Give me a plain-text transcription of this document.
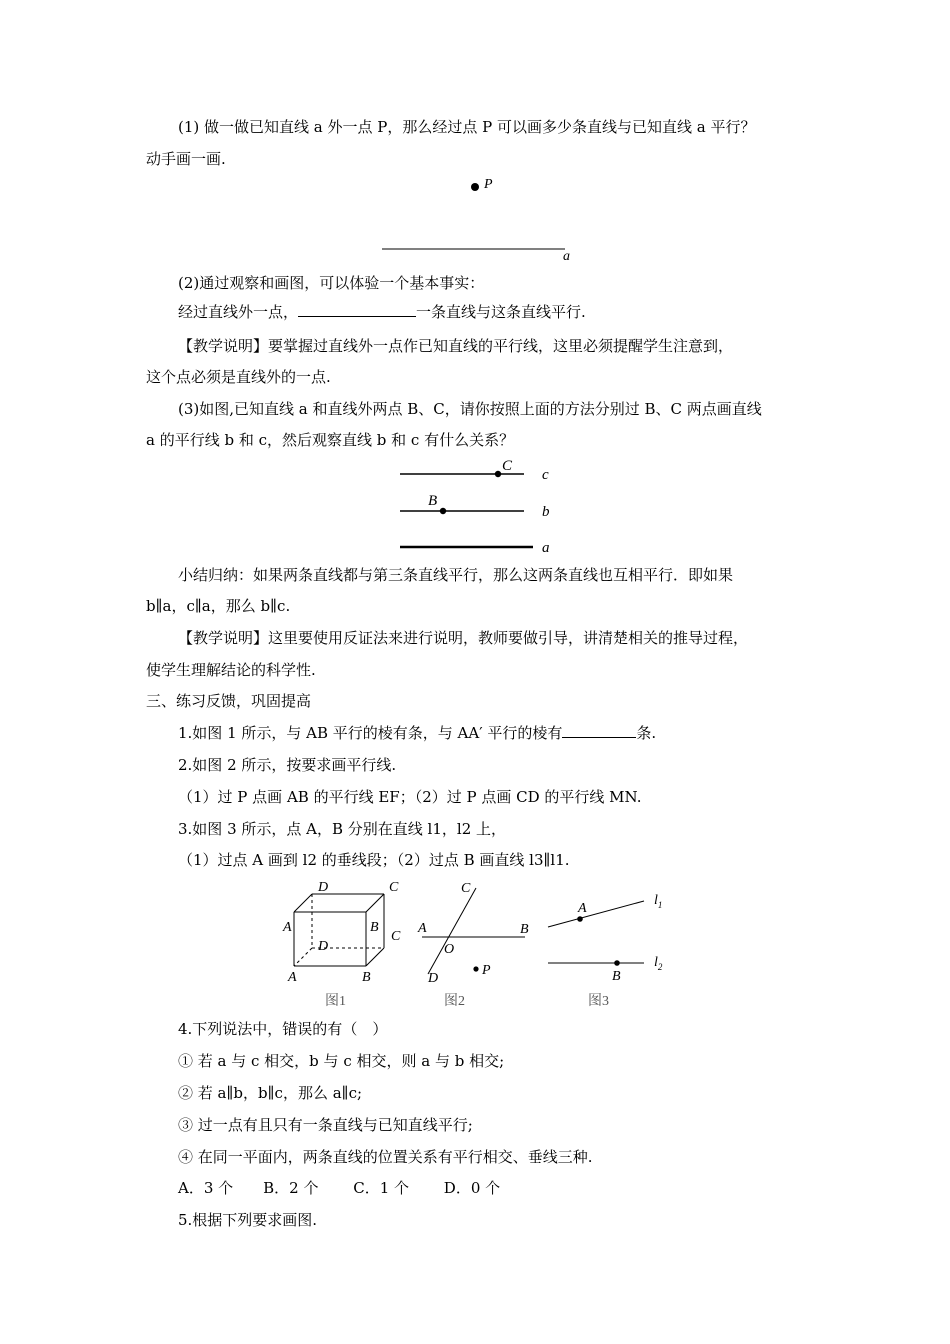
(1) 做一做已知直线 a 外一点 P，那么经过点 P 可以画多少条直线与已知直线 a 平行？
动手画一画.
P
a
(2)通过观察和画图，可以体验一个基本事实：
经过直线外一点，	一条直线与这条直线平行.
【教学说明】要掌握过直线外一点作已知直线的平行线，这里必须提醒学生注意到，
这个点必须是直线外的一点.
(3)如图,已知直线 a 和直线外两点 B、C，请你按照上面的方法分别过 B、C 两点画直线
a 的平行线 b 和 c，然后观察直线 b 和 c 有什么关系？
C
c
B
b
a
小结归纳：如果两条直线都与第三条直线平行，那么这两条直线也互相平行．即如果
b∥a，c∥a，那么 b∥c.
【教学说明】这里要使用反证法来进行说明，教师要做引导，讲清楚相关的推导过程，
使学生理解结论的科学性.
三、练习反馈，巩固提高
1.如图 1 所示，与 AB 平行的棱有条，与 AA′ 平行的棱有	条.
2.如图 2 所示，按要求画平行线.
（1）过 P 点画 AB 的平行线 EF；（2）过 P 点画 CD 的平行线 MN.
3.如图 3 所示，点 A，B 分别在直线 l1，l2 上，
（1）过点 A 画到 l2 的垂线段；（2）过点 B 画直线 l3∥l1.
D	C
A	B
C
D
A	B
图1
C
A
O
B
D
P
图2
A
$l_1$
B
$l_2$
图3
4.下列说法中，错误的有（　）
① 若 a 与 c 相交，b 与 c 相交，则 a 与 b 相交;
② 若 a∥b，b∥c，那么 a∥c;
③ 过一点有且只有一条直线与已知直线平行;
④ 在同一平面内，两条直线的位置关系有平行相交、垂线三种.
A．3 个　　B．2 个　　 C．1 个　　 D．0 个
5.根据下列要求画图.
